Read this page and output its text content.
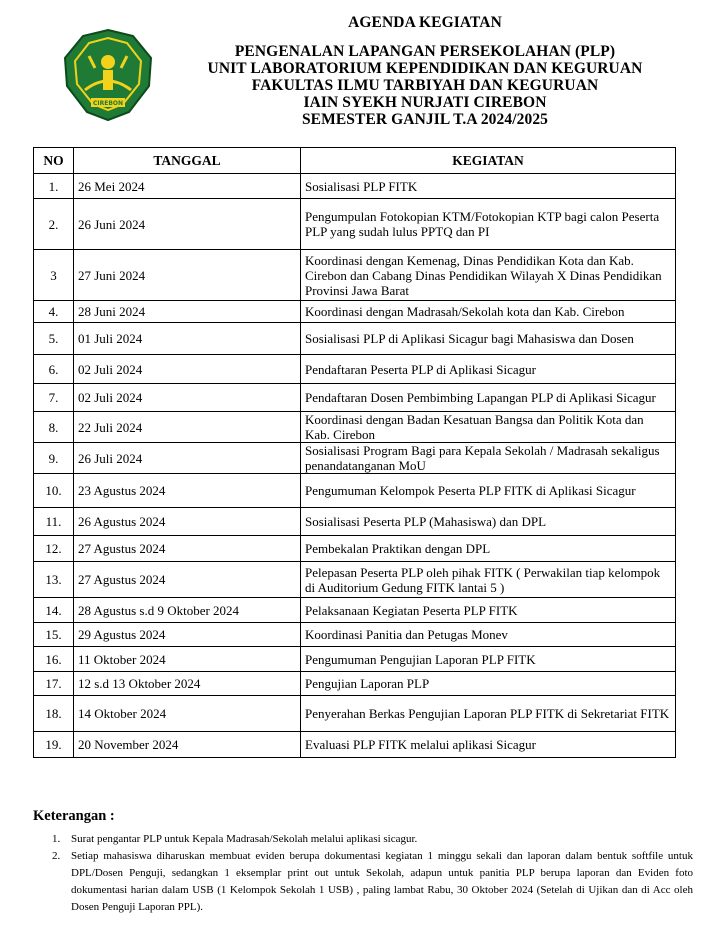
CIREBON
AGENDA KEGIATAN
PENGENALAN LAPANGAN PERSEKOLAHAN (PLP)
UNIT LABORATORIUM KEPENDIDIKAN DAN KEGURUAN
FAKULTAS ILMU TARBIYAH DAN KEGURUAN
IAIN SYEKH NURJATI CIREBON
SEMESTER GANJIL T.A 2024/2025
NO	TANGGAL	KEGIATAN
1.	26 Mei 2024	Sosialisasi PLP FITK
2.	26 Juni 2024	Pengumpulan Fotokopian KTM/Fotokopian KTP bagi calon Peserta PLP yang sudah lulus PPTQ dan PI
3	27 Juni 2024	Koordinasi dengan Kemenag, Dinas Pendidikan Kota dan Kab. Cirebon dan Cabang Dinas Pendidikan Wilayah X Dinas Pendidikan Provinsi Jawa Barat
4.	28 Juni 2024	Koordinasi dengan Madrasah/Sekolah kota dan Kab. Cirebon
5.	01 Juli 2024	Sosialisasi PLP di Aplikasi Sicagur bagi Mahasiswa dan Dosen
6.	02 Juli 2024	Pendaftaran Peserta PLP di Aplikasi Sicagur
7.	02 Juli 2024	Pendaftaran Dosen Pembimbing Lapangan PLP di Aplikasi Sicagur
8.	22 Juli 2024	Koordinasi dengan Badan Kesatuan Bangsa dan Politik Kota dan Kab. Cirebon
9.	26 Juli 2024	Sosialisasi Program Bagi para Kepala Sekolah / Madrasah sekaligus penandatanganan MoU
10.	23 Agustus 2024	Pengumuman Kelompok Peserta PLP FITK di Aplikasi Sicagur
11.	26 Agustus 2024	Sosialisasi Peserta PLP (Mahasiswa) dan DPL
12.	27 Agustus 2024	Pembekalan Praktikan dengan DPL
13.	27 Agustus 2024	Pelepasan Peserta PLP oleh pihak FITK ( Perwakilan tiap kelompok di Auditorium Gedung FITK lantai 5 )
14.	28 Agustus s.d 9 Oktober 2024	Pelaksanaan Kegiatan Peserta PLP FITK
15.	29 Agustus 2024	Koordinasi Panitia dan Petugas Monev
16.	11 Oktober 2024	Pengumuman Pengujian Laporan PLP FITK
17.	12 s.d 13 Oktober 2024	Pengujian Laporan PLP
18.	14 Oktober 2024	Penyerahan Berkas Pengujian Laporan PLP FITK di Sekretariat FITK
19.	20 November 2024	Evaluasi PLP FITK melalui aplikasi Sicagur
Keterangan :
1. Surat pengantar PLP untuk Kepala Madrasah/Sekolah melalui aplikasi sicagur.
2. Setiap mahasiswa diharuskan membuat eviden berupa dokumentasi kegiatan 1 minggu sekali dan laporan dalam bentuk softfile untuk DPL/Dosen Penguji, sedangkan 1 eksemplar print out untuk Sekolah, adapun untuk panitia PLP berupa laporan dan Eviden foto dokumentasi harian dalam USB (1 Kelompok Sekolah 1 USB) , paling lambat Rabu, 30 Oktober 2024 (Setelah di Ujikan dan di Acc oleh Dosen Penguji Laporan PPL).
